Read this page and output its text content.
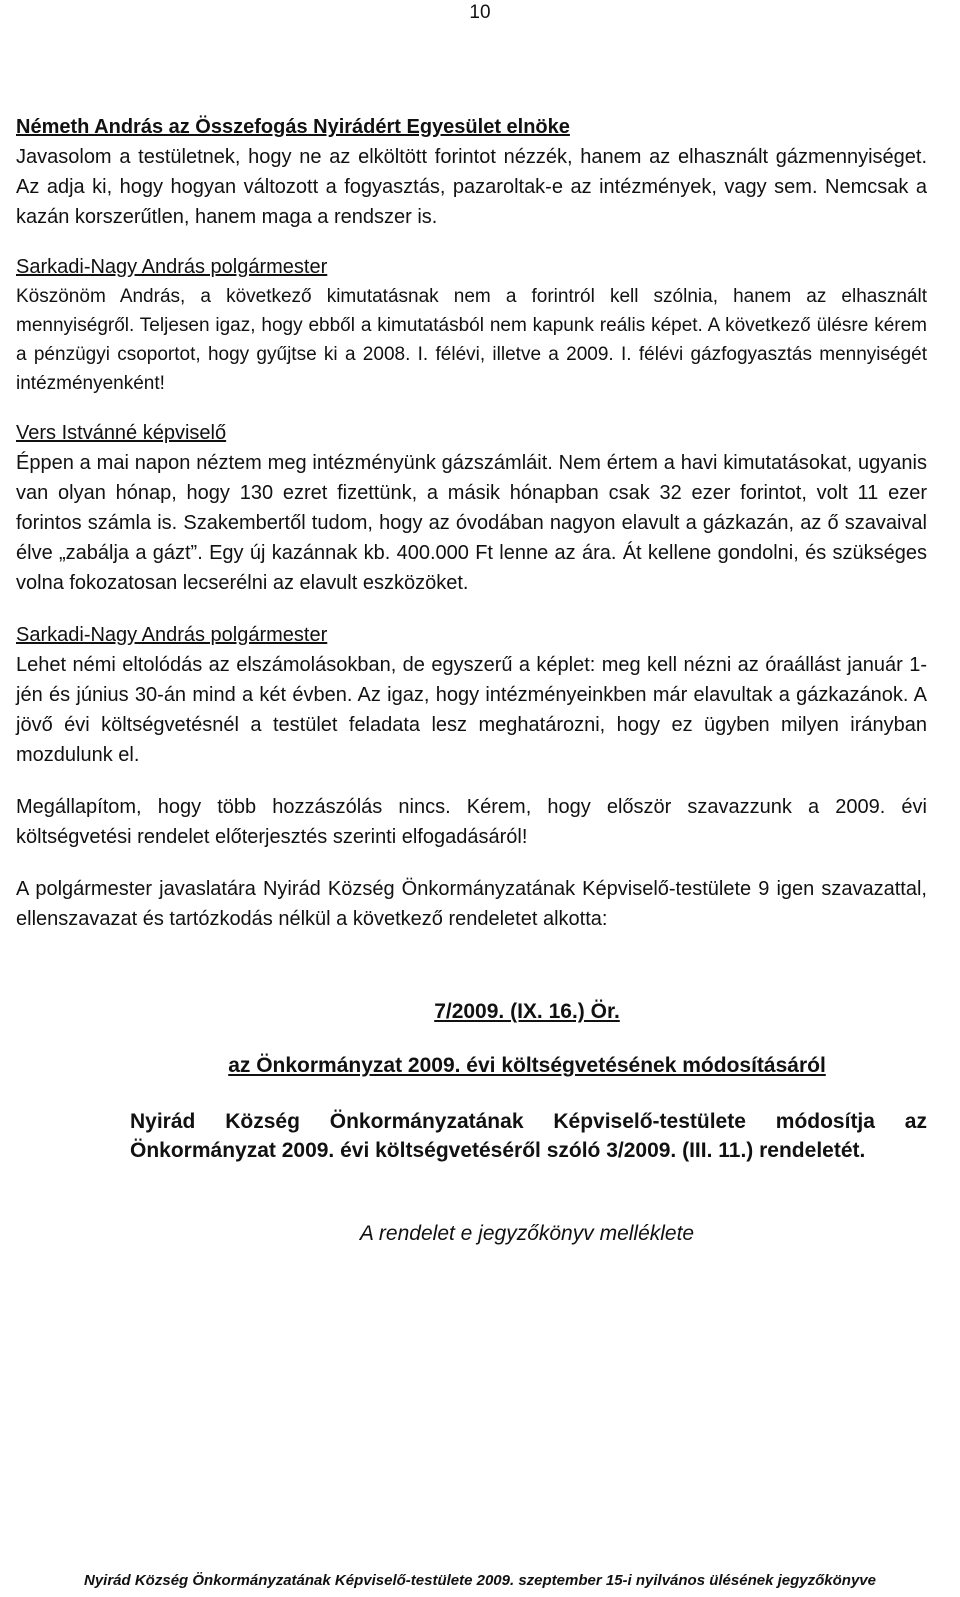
10

Németh András az Összefogás Nyirádért Egyesület elnöke

Javasolom a testületnek, hogy ne az elköltött forintot nézzék, hanem az elhasznált gázmennyiséget. Az adja ki, hogy hogyan változott a fogyasztás, pazaroltak-e az intézmények, vagy sem. Nemcsak a kazán korszerűtlen, hanem maga a rendszer is.

Sarkadi-Nagy András polgármester

Köszönöm András, a következő kimutatásnak nem a forintról kell szólnia, hanem az elhasznált mennyiségről. Teljesen igaz, hogy ebből a kimutatásból nem kapunk reális képet. A következő ülésre kérem a pénzügyi csoportot, hogy gyűjtse ki a 2008. I. félévi, illetve a 2009. I. félévi gázfogyasztás mennyiségét intézményenként!

Vers Istvánné képviselő

Éppen a mai napon néztem meg intézményünk gázszámláit. Nem értem a havi kimutatásokat, ugyanis van olyan hónap, hogy 130 ezret fizettünk, a másik hónapban csak 32 ezer forintot, volt 11 ezer forintos számla is. Szakembertől tudom, hogy az óvodában nagyon elavult a gázkazán, az ő szavaival élve „zabálja a gázt”. Egy új kazánnak kb. 400.000 Ft lenne az ára. Át kellene gondolni, és szükséges volna fokozatosan lecserélni az elavult eszközöket.

Sarkadi-Nagy András polgármester

Lehet némi eltolódás az elszámolásokban, de egyszerű a képlet: meg kell nézni az óraállást január 1-jén és június 30-án mind a két évben. Az igaz, hogy intézményeinkben már elavultak a gázkazánok. A jövő évi költségvetésnél a testület feladata lesz meghatározni, hogy ez ügyben milyen irányban mozdulunk el.

Megállapítom, hogy több hozzászólás nincs. Kérem, hogy először szavazzunk a 2009. évi költségvetési rendelet előterjesztés szerinti elfogadásáról!

A polgármester javaslatára Nyirád Község Önkormányzatának Képviselő-testülete 9 igen szavazattal, ellenszavazat és tartózkodás nélkül a következő rendeletet alkotta:

7/2009. (IX. 16.) Ör.
az Önkormányzat 2009. évi költségvetésének módosításáról

Nyirád Község Önkormányzatának Képviselő-testülete módosítja az Önkormányzat 2009. évi költségvetéséről szóló 3/2009. (III. 11.) rendeletét.

A rendelet e jegyzőkönyv melléklete
Nyirád Község Önkormányzatának Képviselő-testülete 2009. szeptember 15-i nyilvános ülésének jegyzőkönyve
